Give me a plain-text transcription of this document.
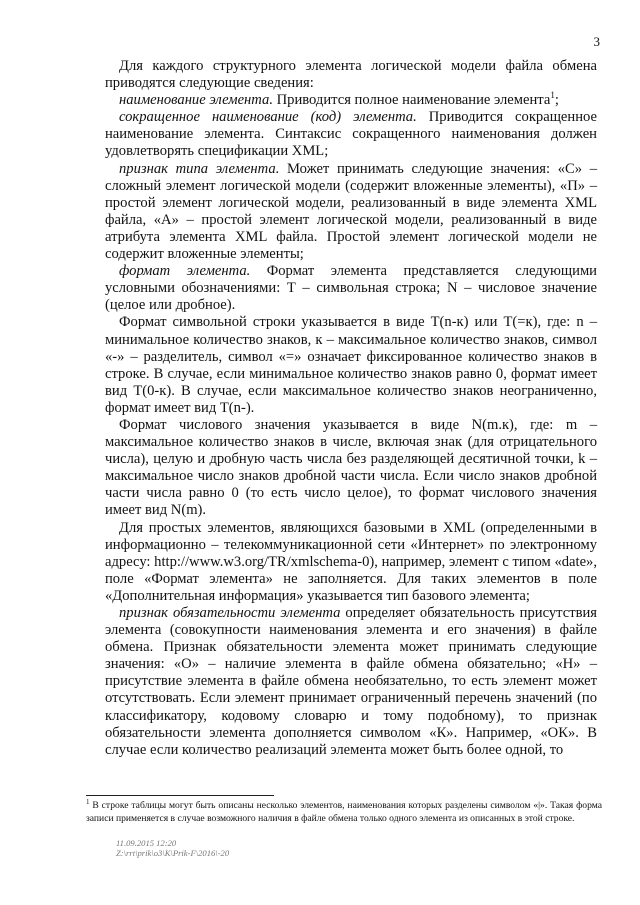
3

Для каждого структурного элемента логической модели файла обмена приводятся следующие сведения:

наименование элемента. Приводится полное наименование элемента$^1$;

сокращенное наименование (код) элемента. Приводится сокращенное наименование элемента. Синтаксис сокращенного наименования должен удовлетворять спецификации XML;

признак типа элемента. Может принимать следующие значения: «С» – сложный элемент логической модели (содержит вложенные элементы), «П» – простой элемент логической модели, реализованный в виде элемента XML файла, «А» – простой элемент логической модели, реализованный в виде атрибута элемента XML файла. Простой элемент логической модели не содержит вложенные элементы;

формат элемента. Формат элемента представляется следующими условными обозначениями: Т – символьная строка; N – числовое значение (целое или дробное).

Формат символьной строки указывается в виде Т(n-к) или Т(=к), где: n – минимальное количество знаков, к – максимальное количество знаков, символ «-» – разделитель, символ «=» означает фиксированное количество знаков в строке. В случае, если минимальное количество знаков равно 0, формат имеет вид Т(0-к). В случае, если максимальное количество знаков неограниченно, формат имеет вид Т(n-).

Формат числового значения указывается в виде N(m.к), где: m – максимальное количество знаков в числе, включая знак (для отрицательного числа), целую и дробную часть числа без разделяющей десятичной точки, k – максимальное число знаков дробной части числа. Если число знаков дробной части числа равно 0 (то есть число целое), то формат числового значения имеет вид N(m).

Для простых элементов, являющихся базовыми в XML (определенными в информационно – телекоммуникационной сети «Интернет» по электронному адресу: http://www.w3.org/TR/xmlschema-0), например, элемент с типом «date», поле «Формат элемента» не заполняется. Для таких элементов в поле «Дополнительная информация» указывается тип базового элемента;

признак обязательности элемента определяет обязательность присутствия элемента (совокупности наименования элемента и его значения) в файле обмена. Признак обязательности элемента может принимать следующие значения: «О» – наличие элемента в файле обмена обязательно; «Н» – присутствие элемента в файле обмена необязательно, то есть элемент может отсутствовать. Если элемент принимает ограниченный перечень значений (по классификатору, кодовому словарю и тому подобному), то признак обязательности элемента дополняется символом «К». Например, «ОК». В случае если количество реализаций элемента может быть более одной, то

$^1$ В строке таблицы могут быть описаны несколько элементов, наименования которых разделены символом «|». Такая форма записи применяется в случае возможного наличия в файле обмена только одного элемента из описанных в этой строке.
11.09.2015 12:20
Z:\rrt\prik\o3\K\Prik-F\2016\-20
